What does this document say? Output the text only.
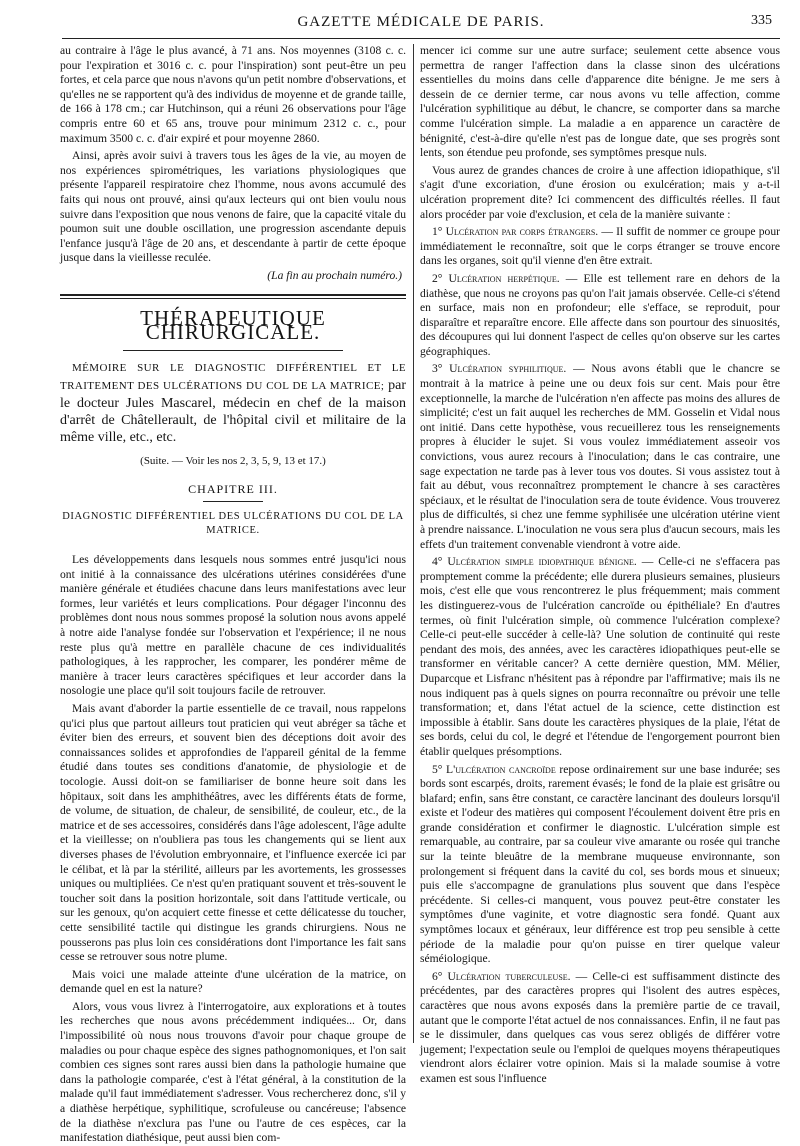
GAZETTE MÉDICALE DE PARIS.	335

au contraire à l'âge le plus avancé, à 71 ans. Nos moyennes (3108 c. c. pour l'expiration et 3016 c. c. pour l'inspiration) sont peut-être un peu fortes, et cela parce que nous n'avons qu'un petit nombre d'observations, et qu'elles ne se rapportent qu'à des individus de moyenne et de grande taille, de 166 à 178 cm.; car Hutchinson, qui a réuni 26 observations pour l'âge compris entre 60 et 65 ans, trouve pour minimum 2312 c. c., pour maximum 3500 c. c. d'air expiré et pour moyenne 2860.

Ainsi, après avoir suivi à travers tous les âges de la vie, au moyen de nos expériences spirométriques, les variations physiologiques que présente l'appareil respiratoire chez l'homme, nous avons accumulé des faits qui nous ont prouvé, ainsi qu'aux lecteurs qui ont bien voulu nous suivre dans l'exposition que nous venons de faire, que la capacité vitale du poumon suit une double oscillation, une progression ascendante depuis l'enfance jusqu'à l'âge de 20 ans, et descendante à partir de cette époque jusque dans la vieillesse reculée.

(La fin au prochain numéro.)

THÉRAPEUTIQUE CHIRURGICALE.

MÉMOIRE SUR LE DIAGNOSTIC DIFFÉRENTIEL ET LE TRAITEMENT DES ULCÉRATIONS DU COL DE LA MATRICE; par le docteur Jules Mascarel, médecin en chef de la maison d'arrêt de Châtellerault, de l'hôpital civil et militaire de la même ville, etc., etc.

(Suite. — Voir les nos 2, 3, 5, 9, 13 et 17.)

CHAPITRE III.

DIAGNOSTIC DIFFÉRENTIEL DES ULCÉRATIONS DU COL DE LA MATRICE.

Les développements dans lesquels nous sommes entré jusqu'ici nous ont initié à la connaissance des ulcérations utérines considérées d'une manière générale et étudiées chacune dans leurs manifestations avec leur formes, leur variétés et leurs complications. Pour dégager l'inconnu des problèmes dont nous nous sommes proposé la solution nous avons appelé à notre aide l'analyse fondée sur l'observation et l'expérience; il ne nous reste plus qu'à mettre en parallèle chacune de ces individualités pathologiques, à les rapprocher, les comparer, les pondérer même de manière à tracer leurs caractères spécifiques et leur accorder dans la nosologie une place qu'il soit toujours facile de retrouver.

Mais avant d'aborder la partie essentielle de ce travail, nous rappelons qu'ici plus que partout ailleurs tout praticien qui veut abréger sa tâche et éviter bien des erreurs, et souvent bien des déceptions doit avoir des connaissances solides et approfondies de l'appareil génital de la femme étudié dans toutes ses conditions d'anatomie, de physiologie et de tocologie. Aussi doit-on se familiariser de bonne heure soit dans les hôpitaux, soit dans les amphithéâtres, avec les différents états de forme, de volume, de situation, de chaleur, de sensibilité, de couleur, etc., de la matrice et de ses accessoires, considérés dans l'âge adolescent, l'âge adulte et la vieillesse; on n'oubliera pas tous les changements qui se lient aux diverses phases de l'évolution embryonnaire, et l'influence exercée ici par le célibat, et là par la stérilité, ailleurs par les avortements, les grossesses uniques ou multipliées. Ce n'est qu'en pratiquant souvent et très-souvent le toucher soit dans la position horizontale, soit dans l'attitude verticale, ou sur les genoux, qu'on acquiert cette finesse et cette délicatesse du toucher, cette sensibilité tactile qui distingue les grands chirurgiens. Nous ne pousserons pas plus loin ces considérations dont l'importance les fait sans cesse se retrouver sous notre plume.

Mais voici une malade atteinte d'une ulcération de la matrice, on demande quel en est la nature?

Alors, vous vous livrez à l'interrogatoire, aux explorations et à toutes les recherches que nous avons précédemment indiquées... Or, dans l'impossibilité où nous nous trouvons d'avoir pour chaque groupe de maladies ou pour chaque espèce des signes pathognomoniques, et l'on sait combien ces signes sont rares aussi bien dans la pathologie humaine que dans la pathologie comparée, c'est à l'état général, à la constitution de la malade qu'il faut immédiatement s'adresser. Vous rechercherez donc, s'il y a diathèse herpétique, syphilitique, scrofuleuse ou cancéreuse; l'absence de la diathèse n'exclura pas l'une ou l'autre de ces espèces, car la manifestation diathésique, peut aussi bien com-

mencer ici comme sur une autre surface; seulement cette absence vous permettra de ranger l'affection dans la classe sinon des ulcérations essentielles du moins dans celle d'apparence dite bénigne. Je me sers à dessein de ce dernier terme, car nous avons vu telle affection, comme l'ulcération syphilitique au début, le chancre, se comporter dans sa marche comme l'ulcération simple. La maladie a en apparence un caractère de bénignité, c'est-à-dire qu'elle n'est pas de longue date, que ses progrès sont lents, son étendue peu profonde, ses symptômes presque nuls.

Vous aurez de grandes chances de croire à une affection idiopathique, s'il s'agit d'une excoriation, d'une érosion ou exulcération; mais y a-t-il ulcération proprement dite? Ici commencent des difficultés réelles. Il faut alors procéder par voie d'exclusion, et cela de la manière suivante :

1° Ulcération par corps étrangers. — Il suffit de nommer ce groupe pour immédiatement le reconnaître, soit que le corps étranger se trouve encore dans les organes, soit qu'il vienne d'en être extrait.

2° Ulcération herpétique. — Elle est tellement rare en dehors de la diathèse, que nous ne croyons pas qu'on l'ait jamais observée. Celle-ci s'étend en surface, mais non en profondeur; elle s'efface, se reproduit, pour disparaître et reparaître encore. Elle affecte dans son pourtour des sinuosités, des découpures qui lui donnent l'aspect de celles qu'on observe sur les cartes géographiques.

3° Ulcération syphilitique. — Nous avons établi que le chancre se montrait à la matrice à peine une ou deux fois sur cent. Mais pour être exceptionnelle, la marche de l'ulcération n'en affecte pas moins des allures de simplicité; c'est un fait auquel les recherches de MM. Gosselin et Vidal nous ont initié. Dans cette hypothèse, vous recueillerez tous les renseignements propres à élucider le sujet. Si vous voulez immédiatement asseoir vos convictions, vous aurez recours à l'inoculation; dans le cas contraire, une sage expectation ne tarde pas à lever tous vos doutes. Si vous assistez tout à fait au début, vous reconnaîtrez promptement le chancre à ses caractères spéciaux, et le résultat de l'inoculation sera de toute évidence. Vous trouverez plus de difficultés, si chez une femme syphilisée une ulcération utérine vient à prendre naissance. L'inoculation ne vous sera plus d'aucun secours, mais les effets d'un traitement convenable viendront à votre aide.

4° Ulcération simple idiopathique bénigne. — Celle-ci ne s'effacera pas promptement comme la précédente; elle durera plusieurs semaines, plusieurs mois, c'est elle que vous rencontrerez le plus fréquemment; mais comment les distinguerez-vous de l'ulcération cancroïde ou épithéliale? En d'autres termes, où finit l'ulcération simple, où commence l'ulcération complexe? Celle-ci peut-elle succéder à celle-là? Une solution de continuité qui reste pendant des mois, des années, avec les caractères idiopathiques peut-elle se transformer en véritable cancer? A cette dernière question, MM. Mélier, Duparcque et Lisfranc n'hésitent pas à répondre par l'affirmative; mais ils ne nous indiquent pas à quels signes on pourra reconnaître ou prévoir une telle transformation; et, dans l'état actuel de la science, cette distinction est impossible à établir. Sans doute les caractères physiques de la plaie, l'état de ses bords, celui du col, le degré et l'étendue de l'engorgement pourront bien établir quelques présomptions.

5° L'ulcération cancroïde repose ordinairement sur une base indurée; ses bords sont escarpés, droits, rarement évasés; le fond de la plaie est grisâtre ou blafard; enfin, sans être constant, ce caractère lancinant des douleurs lorsqu'il existe et l'odeur des matières qui composent l'écoulement doivent être pris en grande considération et confirmer le diagnostic. L'ulcération simple est remarquable, au contraire, par sa couleur vive amarante ou rosée qui tranche sur la teinte bleuâtre de la membrane muqueuse environnante, son prolongement si fréquent dans la cavité du col, ses bords mous et sinueux; puis elle s'accompagne de granulations plus souvent que dans l'espèce précédente. Si celles-ci manquent, vous pouvez peut-être constater les symptômes d'une vaginite, et votre diagnostic sera fondé. Quant aux symptômes locaux et généraux, leur différence est trop peu sensible à cette période de la maladie pour qu'on puisse en tirer quelque valeur séméiologique.

6° Ulcération tuberculeuse. — Celle-ci est suffisamment distincte des précédentes, par des caractères propres qui l'isolent des autres espèces, caractères que nous avons exposés dans la première partie de ce travail, autant que le comporte l'état actuel de nos connaissances. Enfin, il ne faut pas se le dissimuler, dans quelques cas vous serez obligés de différer votre jugement; l'expectation seule ou l'emploi de quelques moyens thérapeutiques viendront alors éclairer votre opinion. Mais si la malade soumise à votre examen est sous l'influence
